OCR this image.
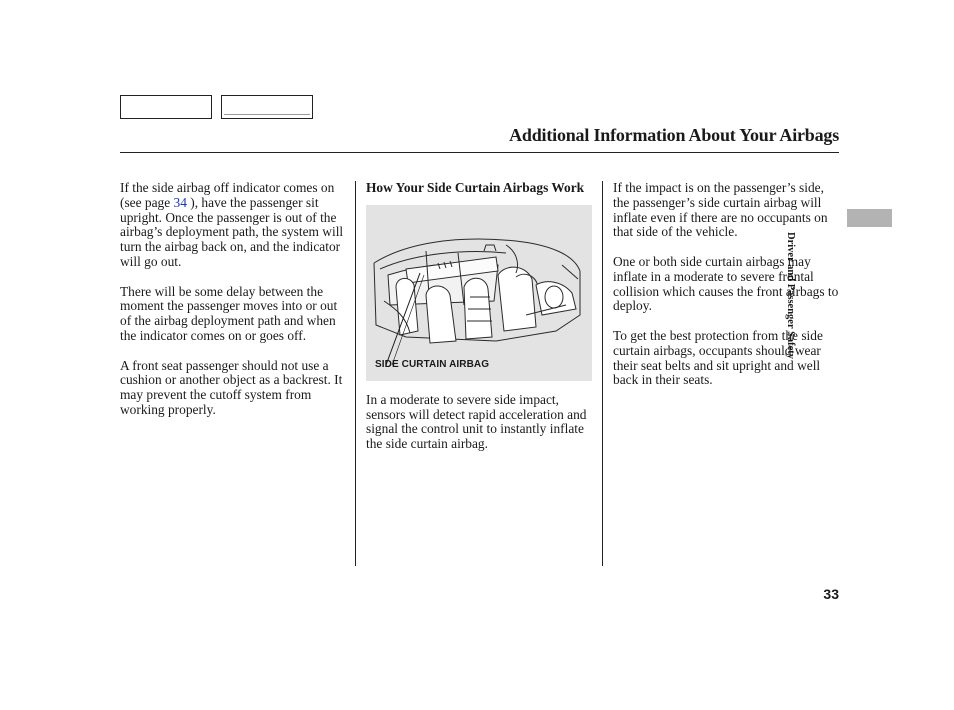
Additional Information About Your Airbags

If the side airbag off indicator comes on (see page 34 ), have the passenger sit upright. Once the passenger is out of the airbag’s deployment path, the system will turn the airbag back on, and the indicator will go out.

There will be some delay between the moment the passenger moves into or out of the airbag deployment path and when the indicator comes on or goes off.

A front seat passenger should not use a cushion or another object as a backrest. It may prevent the cutoff system from working properly.

How Your Side Curtain Airbags Work
SIDE CURTAIN AIRBAG

In a moderate to severe side impact, sensors will detect rapid acceleration and signal the control unit to instantly inflate the side curtain airbag.

If the impact is on the passenger’s side, the passenger’s side curtain airbag will inflate even if there are no occupants on that side of the vehicle.

One or both side curtain airbags may inflate in a moderate to severe frontal collision which causes the front airbags to deploy.

To get the best protection from the side curtain airbags, occupants should wear their seat belts and sit upright and well back in their seats.

Driver and Passenger Safety
33
